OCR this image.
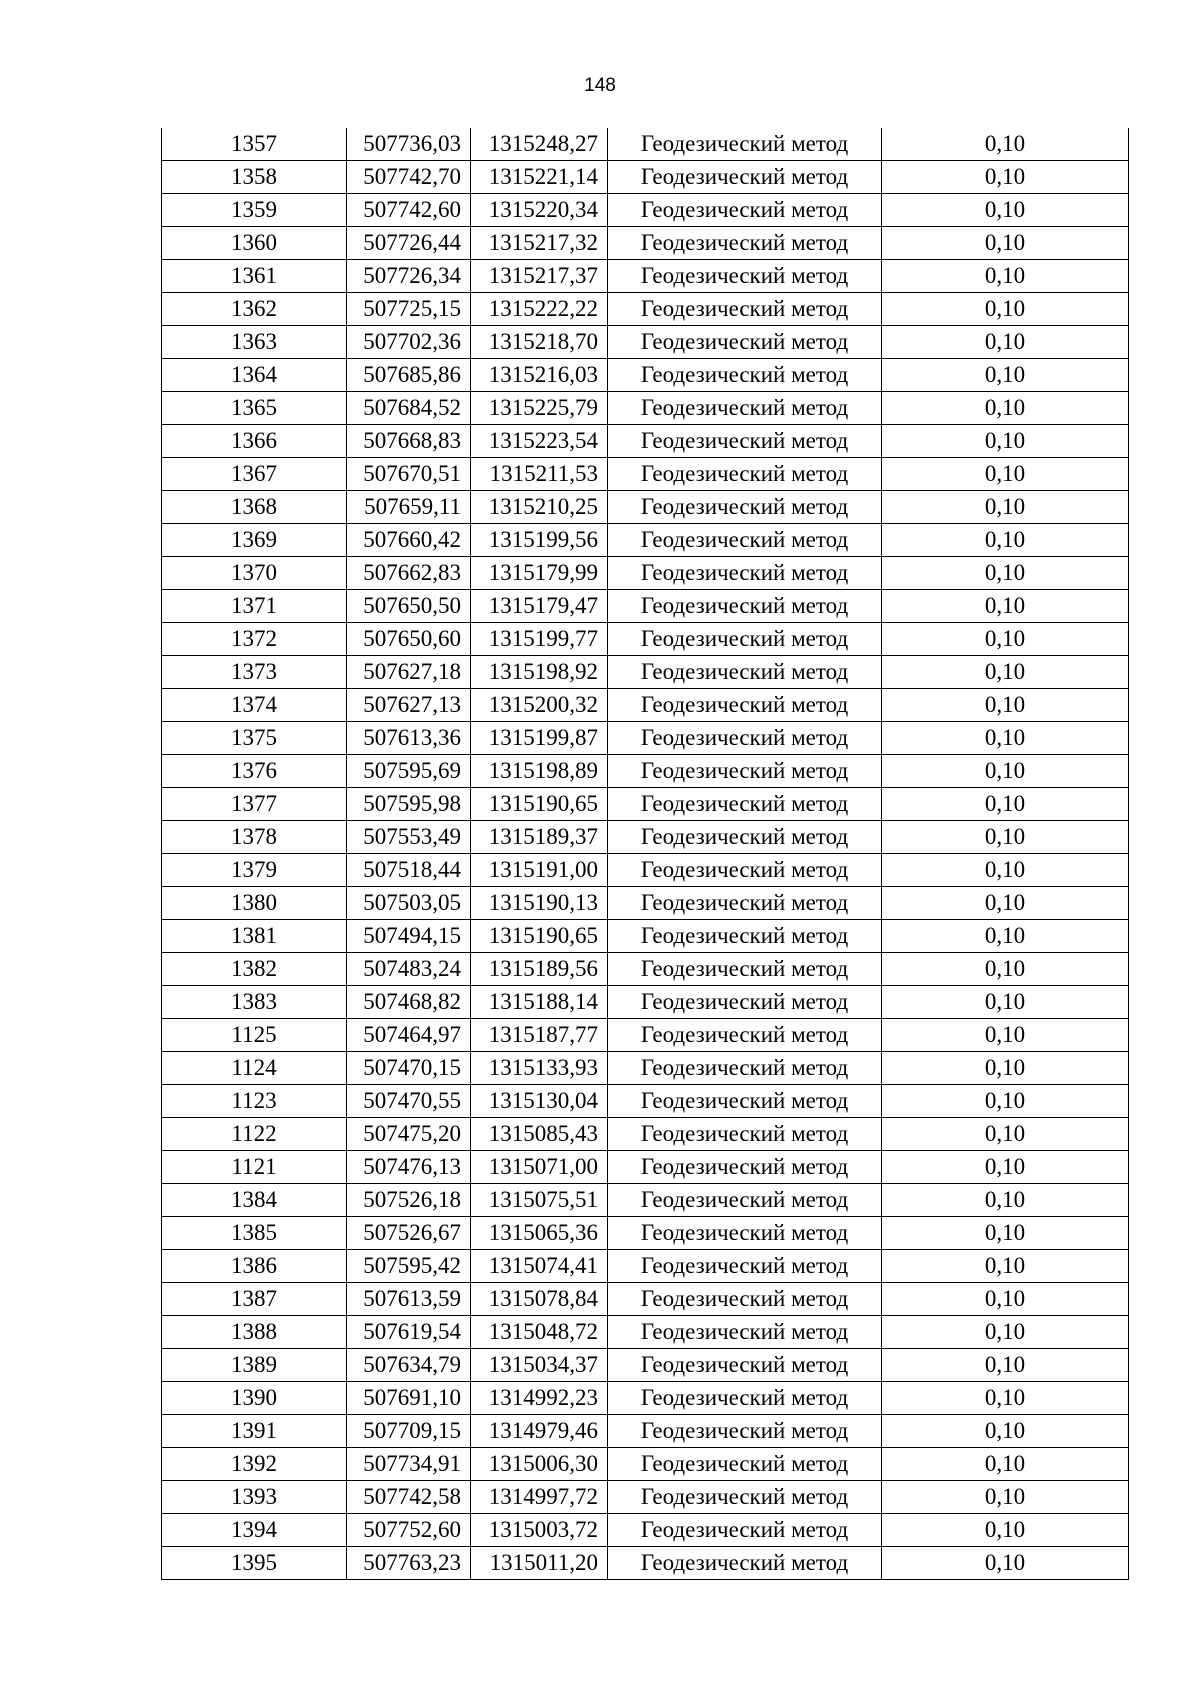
148
1357	507736,03	1315248,27	Геодезический метод	0,10
1358	507742,70	1315221,14	Геодезический метод	0,10
1359	507742,60	1315220,34	Геодезический метод	0,10
1360	507726,44	1315217,32	Геодезический метод	0,10
1361	507726,34	1315217,37	Геодезический метод	0,10
1362	507725,15	1315222,22	Геодезический метод	0,10
1363	507702,36	1315218,70	Геодезический метод	0,10
1364	507685,86	1315216,03	Геодезический метод	0,10
1365	507684,52	1315225,79	Геодезический метод	0,10
1366	507668,83	1315223,54	Геодезический метод	0,10
1367	507670,51	1315211,53	Геодезический метод	0,10
1368	507659,11	1315210,25	Геодезический метод	0,10
1369	507660,42	1315199,56	Геодезический метод	0,10
1370	507662,83	1315179,99	Геодезический метод	0,10
1371	507650,50	1315179,47	Геодезический метод	0,10
1372	507650,60	1315199,77	Геодезический метод	0,10
1373	507627,18	1315198,92	Геодезический метод	0,10
1374	507627,13	1315200,32	Геодезический метод	0,10
1375	507613,36	1315199,87	Геодезический метод	0,10
1376	507595,69	1315198,89	Геодезический метод	0,10
1377	507595,98	1315190,65	Геодезический метод	0,10
1378	507553,49	1315189,37	Геодезический метод	0,10
1379	507518,44	1315191,00	Геодезический метод	0,10
1380	507503,05	1315190,13	Геодезический метод	0,10
1381	507494,15	1315190,65	Геодезический метод	0,10
1382	507483,24	1315189,56	Геодезический метод	0,10
1383	507468,82	1315188,14	Геодезический метод	0,10
1125	507464,97	1315187,77	Геодезический метод	0,10
1124	507470,15	1315133,93	Геодезический метод	0,10
1123	507470,55	1315130,04	Геодезический метод	0,10
1122	507475,20	1315085,43	Геодезический метод	0,10
1121	507476,13	1315071,00	Геодезический метод	0,10
1384	507526,18	1315075,51	Геодезический метод	0,10
1385	507526,67	1315065,36	Геодезический метод	0,10
1386	507595,42	1315074,41	Геодезический метод	0,10
1387	507613,59	1315078,84	Геодезический метод	0,10
1388	507619,54	1315048,72	Геодезический метод	0,10
1389	507634,79	1315034,37	Геодезический метод	0,10
1390	507691,10	1314992,23	Геодезический метод	0,10
1391	507709,15	1314979,46	Геодезический метод	0,10
1392	507734,91	1315006,30	Геодезический метод	0,10
1393	507742,58	1314997,72	Геодезический метод	0,10
1394	507752,60	1315003,72	Геодезический метод	0,10
1395	507763,23	1315011,20	Геодезический метод	0,10
